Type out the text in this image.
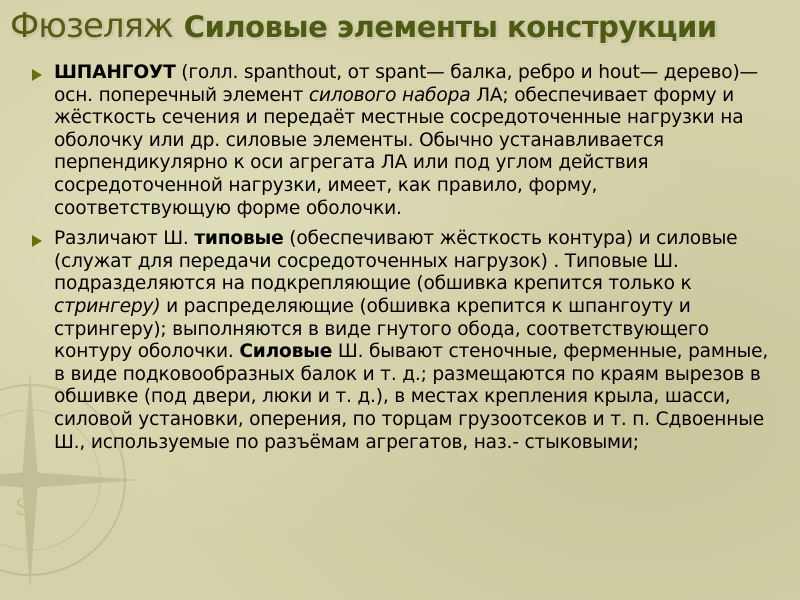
S
Фюзеляж Силовые элементы конструкции
ШПАНГОУТ (голл. spanthout, от spant— балка, ребро и hout— дерево)—осн. поперечный элемент силового набора ЛА; обеспечивает форму и жёсткость сечения и передаёт местные сосредоточенные нагрузки на оболочку или др. силовые элементы. Обычно устанавливается перпендикулярно к оси агрегата ЛА или под углом действия сосредоточенной нагрузки, имеет, как правило, форму, соответствующую форме оболочки.
Различают Ш. типовые (обеспечивают жёсткость контура) и силовые (служат для передачи сосредоточенных нагрузок) . Типовые Ш. подразделяются на подкрепляющие (обшивка крепится только к стрингеру) и распределяющие (обшивка крепится к шпангоуту и стрингеру); выполняются в виде гнутого обода, соответствующего контуру оболочки. Силовые Ш. бывают стеночные, ферменные, рамные, в виде подковообразных балок и т. д.; размещаются по краям вырезов в обшивке (под двери, люки и т. д.), в местах крепления крыла, шасси, силовой установки, оперения, по торцам грузоотсеков и т. п. Сдвоенные Ш., используемые по разъёмам агрегатов, наз.- стыковыми;
